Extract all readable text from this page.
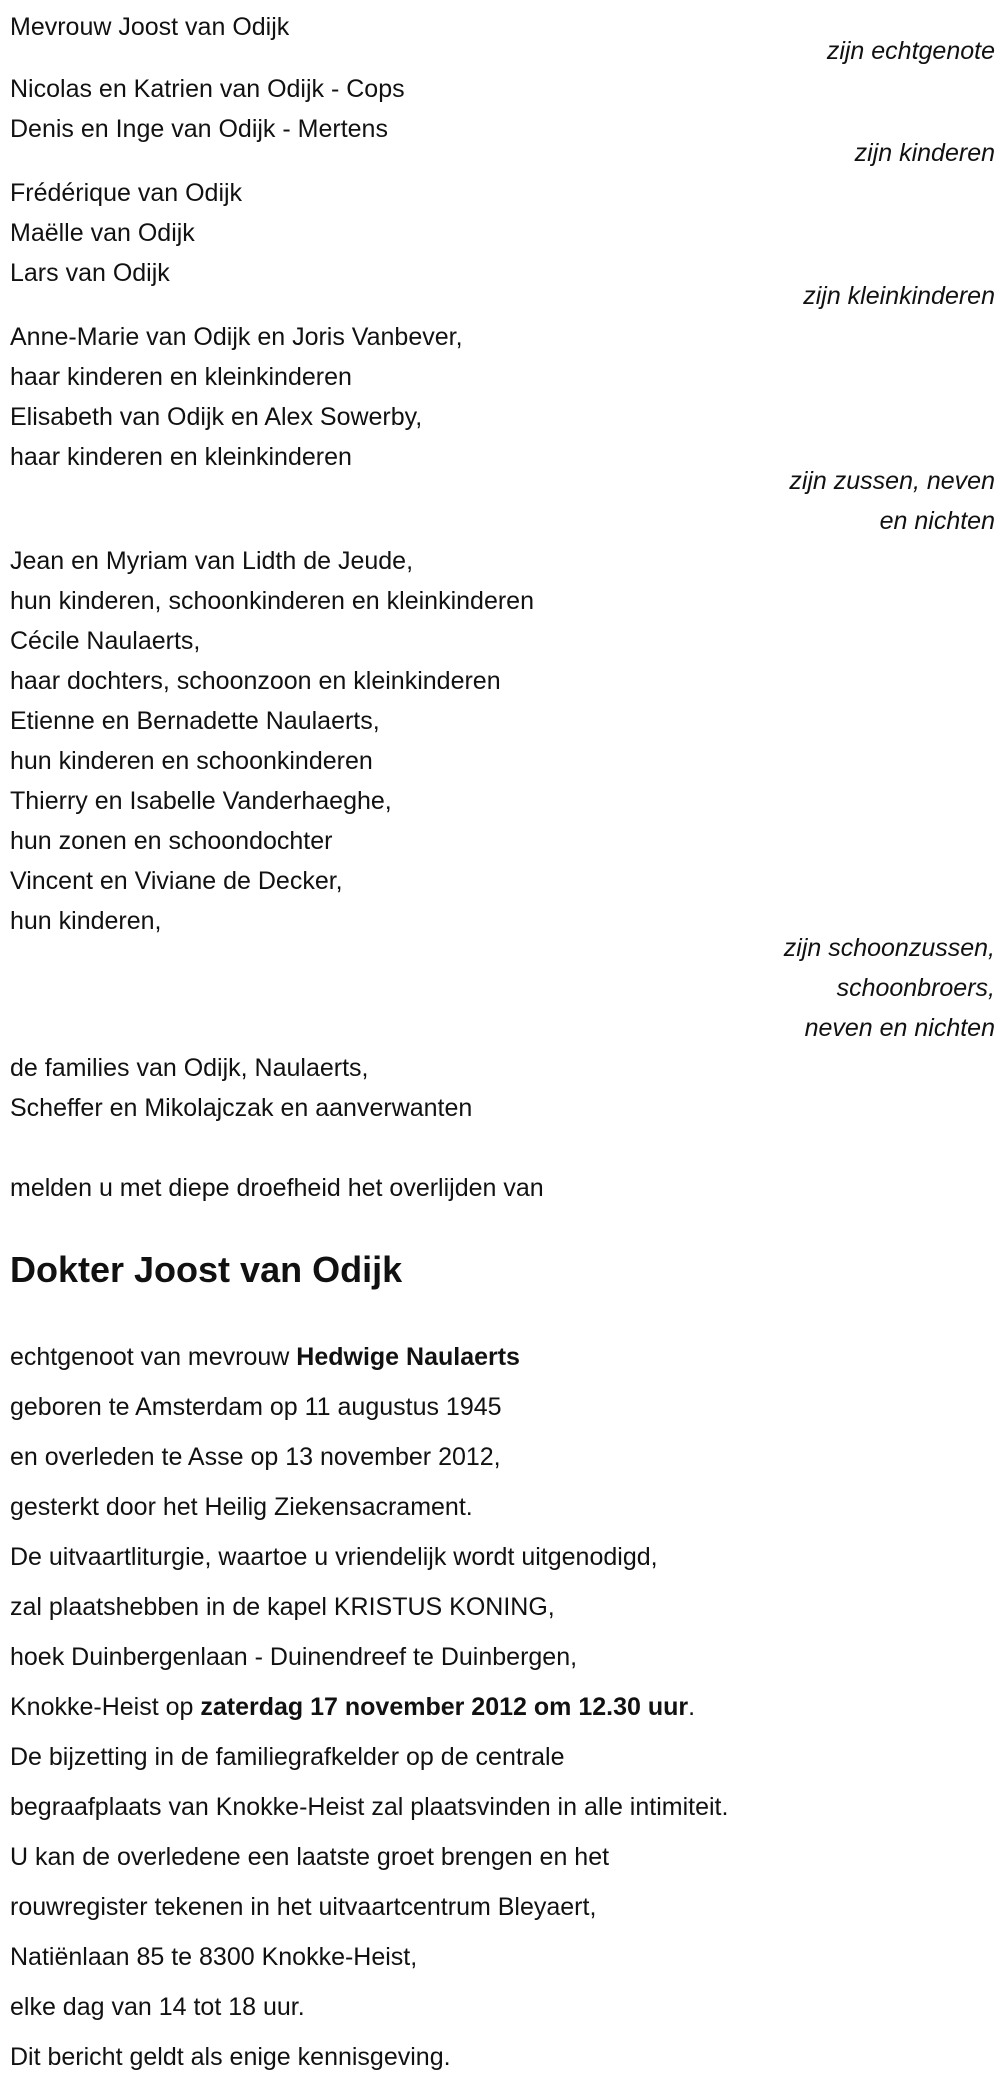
Mevrouw Joost van Odijk
zijn echtgenote
Nicolas en Katrien van Odijk - Cops
Denis en Inge van Odijk - Mertens
zijn kinderen
Frédérique van Odijk
Maëlle van Odijk
Lars van Odijk
zijn kleinkinderen
Anne-Marie van Odijk en Joris Vanbever,
haar kinderen en kleinkinderen
Elisabeth van Odijk en Alex Sowerby,
haar kinderen en kleinkinderen
zijn zussen, neven
en nichten
Jean en Myriam van Lidth de Jeude,
hun kinderen, schoonkinderen en kleinkinderen
Cécile Naulaerts,
haar dochters, schoonzoon en kleinkinderen
Etienne en Bernadette Naulaerts,
hun kinderen en schoonkinderen
Thierry en Isabelle Vanderhaeghe,
hun zonen en schoondochter
Vincent en Viviane de Decker,
hun kinderen,
zijn schoonzussen,
schoonbroers,
neven en nichten
de families van Odijk, Naulaerts,
Scheffer en Mikolajczak en aanverwanten
melden u met diepe droefheid het overlijden van
Dokter Joost van Odijk
echtgenoot van mevrouw Hedwige Naulaerts
geboren te Amsterdam op 11 augustus 1945
en overleden te Asse op 13 november 2012,
gesterkt door het Heilig Ziekensacrament.
De uitvaartliturgie, waartoe u vriendelijk wordt uitgenodigd,
zal plaatshebben in de kapel KRISTUS KONING,
hoek Duinbergenlaan - Duinendreef te Duinbergen,
Knokke-Heist op zaterdag 17 november 2012 om 12.30 uur.
De bijzetting in de familiegrafkelder op de centrale
begraafplaats van Knokke-Heist zal plaatsvinden in alle intimiteit.
U kan de overledene een laatste groet brengen en het
rouwregister tekenen in het uitvaartcentrum Bleyaert,
Natiënlaan 85 te 8300 Knokke-Heist,
elke dag van 14 tot 18 uur.
Dit bericht geldt als enige kennisgeving.
